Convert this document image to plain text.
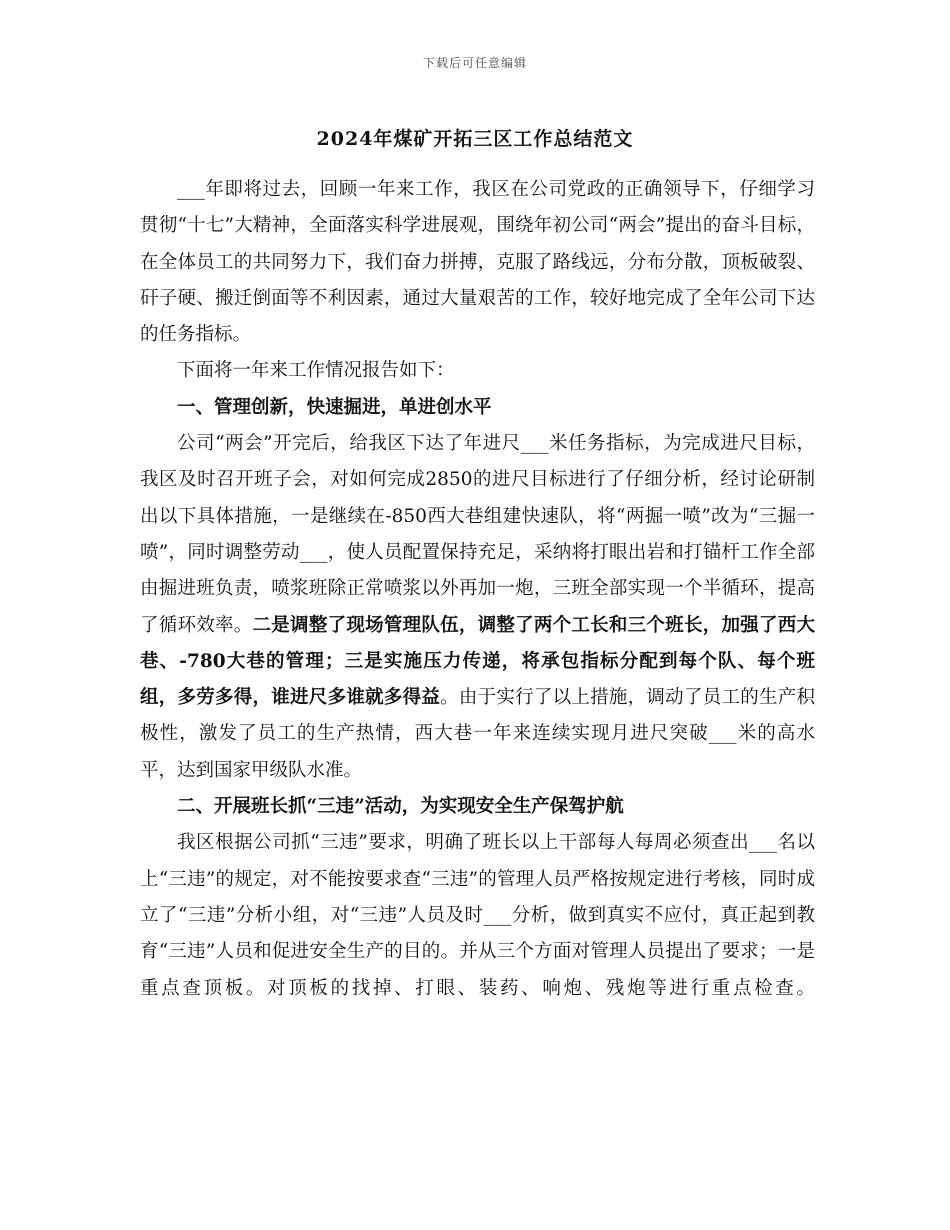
下载后可任意编辑
2024年煤矿开拓三区工作总结范文

___年即将过去，回顾一年来工作，我区在公司党政的正确领导下，仔细学习贯彻“十七”大精神，全面落实科学进展观，围绕年初公司“两会”提出的奋斗目标，在全体员工的共同努力下，我们奋力拼搏，克服了路线远，分布分散，顶板破裂、矸子硬、搬迁倒面等不利因素，通过大量艰苦的工作，较好地完成了全年公司下达的任务指标。

下面将一年来工作情况报告如下：

一、管理创新，快速掘进，单进创水平

公司“两会”开完后，给我区下达了年进尺___米任务指标，为完成进尺目标，我区及时召开班子会，对如何完成2850的进尺目标进行了仔细分析，经讨论研制出以下具体措施，一是继续在-850西大巷组建快速队，将“两掘一喷”改为“三掘一喷”，同时调整劳动___，使人员配置保持充足，采纳将打眼出岩和打锚杆工作全部由掘进班负责，喷浆班除正常喷浆以外再加一炮，三班全部实现一个半循环，提高了循环效率。二是调整了现场管理队伍，调整了两个工长和三个班长，加强了西大巷、-780大巷的管理；三是实施压力传递，将承包指标分配到每个队、每个班组，多劳多得，谁进尺多谁就多得益。由于实行了以上措施，调动了员工的生产积极性，激发了员工的生产热情，西大巷一年来连续实现月进尺突破___米的高水平，达到国家甲级队水准。

二、开展班长抓“三违”活动，为实现安全生产保驾护航

我区根据公司抓“三违”要求，明确了班长以上干部每人每周必须查出___名以上“三违”的规定，对不能按要求查“三违”的管理人员严格按规定进行考核，同时成立了“三违”分析小组，对“三违”人员及时___分析，做到真实不应付，真正起到教育“三违”人员和促进安全生产的目的。并从三个方面对管理人员提出了要求；一是重点查顶板。对顶板的找掉、打眼、装药、响炮、残炮等进行重点检查。
